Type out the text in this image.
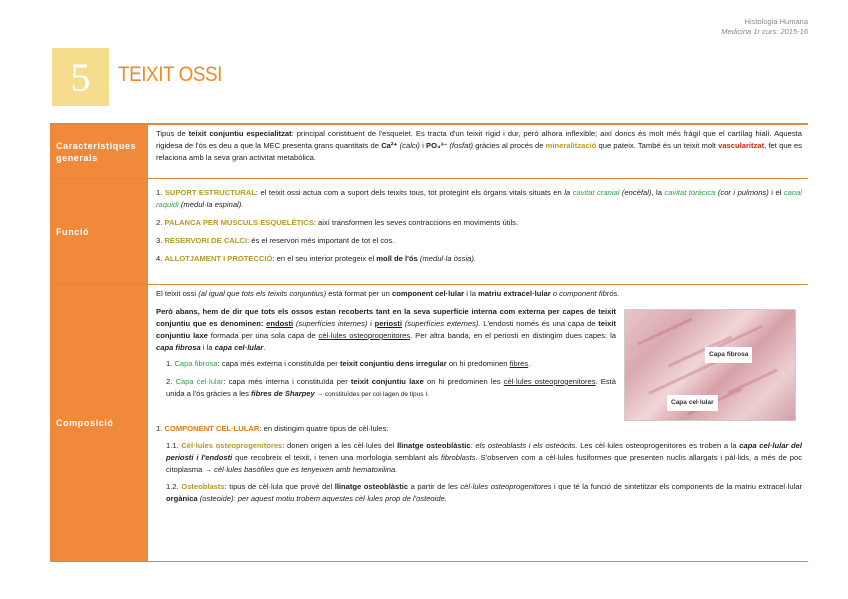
Histologia Humana
Medicina 1r curs: 2015-16
5	TEIXIT OSSI
Característiques generals

Tipus de teixit conjuntiu especialitzat: principal constituent de l'esquelet. Es tracta d'un teixit rígid i dur, però alhora inflexible; així doncs és molt més fràgil que el cartílag hialí. Aquesta rigidesa de l'ós es deu a que la MEC presenta grans quantitats de Ca²⁺ (calci) i PO₄³⁻ (fosfat) gràcies al procés de mineralització que pateix. També és un teixit molt vascularitzat, fet que es relaciona amb la seva gran activitat metabòlica.

Funció

1. SUPORT ESTRUCTURAL: el teixit ossi actua com a suport dels teixits tous, tot protegint els òrgans vitals situats en la cavitat cranial (encèfal), la cavitat toràcica (cor i pulmons) i el canal raquidi (medul·la espinal).

2. PALANCA PER MÚSCULS ESQUELÈTICS: així transformen les seves contraccions en moviments útils.

3. RESERVORI DE CALCI: és el reservori més important de tot el cos.

4. ALLOTJAMENT I PROTECCIÓ: en el seu interior protegeix el moll de l'ós (medul·la òssia).

Composició

El teixit ossi (al igual que tots els teixits conjuntius) està format per un component cel·lular i la matriu extracel·lular o component fibrós.

Però abans, hem de dir que tots els ossos estan recoberts tant en la seva superfície interna com externa per capes de teixit conjuntiu que es denominen: endosti (superfícies internes) i periosti (superfícies externes). L'endosti només és una capa de teixit conjuntiu laxe formada per una sola capa de cèl·lules osteoprogenitores. Per altra banda, en el periosti en distingim dues capes: la capa fibrosa i la capa cel·lular.

1. Capa fibrosa: capa més externa i constituïda per teixit conjuntiu dens irregular on hi predominen fibres.

2. Capa cel·lular: capa més interna i constituïda per teixit conjuntiu laxe on hi predominen les cèl·lules osteoprogenitores. Està unida a l'ós gràcies a les fibres de Sharpey → constituïdes per col·lagen de tipus I.

Capa fibrosa
Capa cel·lular

1. COMPONENT CEL·LULAR: en distingim quatre tipus de cèl·lules:

1.1. Cèl·lules osteoprogenitores: donen origen a les cèl·lules del llinatge osteoblàstic: els osteoblasts i els osteòcits. Les cèl·lules osteoprogenitores es troben a la capa cel·lular del periosti i l'endosti que recobreix el teixit, i tenen una morfologia semblant als fibroblasts. S'observen com a cèl·lules fusiformes que presenten nuclis allargats i pàl·lids, a més de poc citoplasma → cèl·lules basòfiles que es tenyeixen amb hematoxilina.

1.2. Osteoblasts: tipus de cèl·lula que prové del llinatge osteoblàstic a partir de les cèl·lules osteoprogenitores i que té la funció de sintetitzar els components de la matriu extracel·lular orgànica (osteoide): per aquest motiu trobem aquestes cèl·lules prop de l'osteoide.
